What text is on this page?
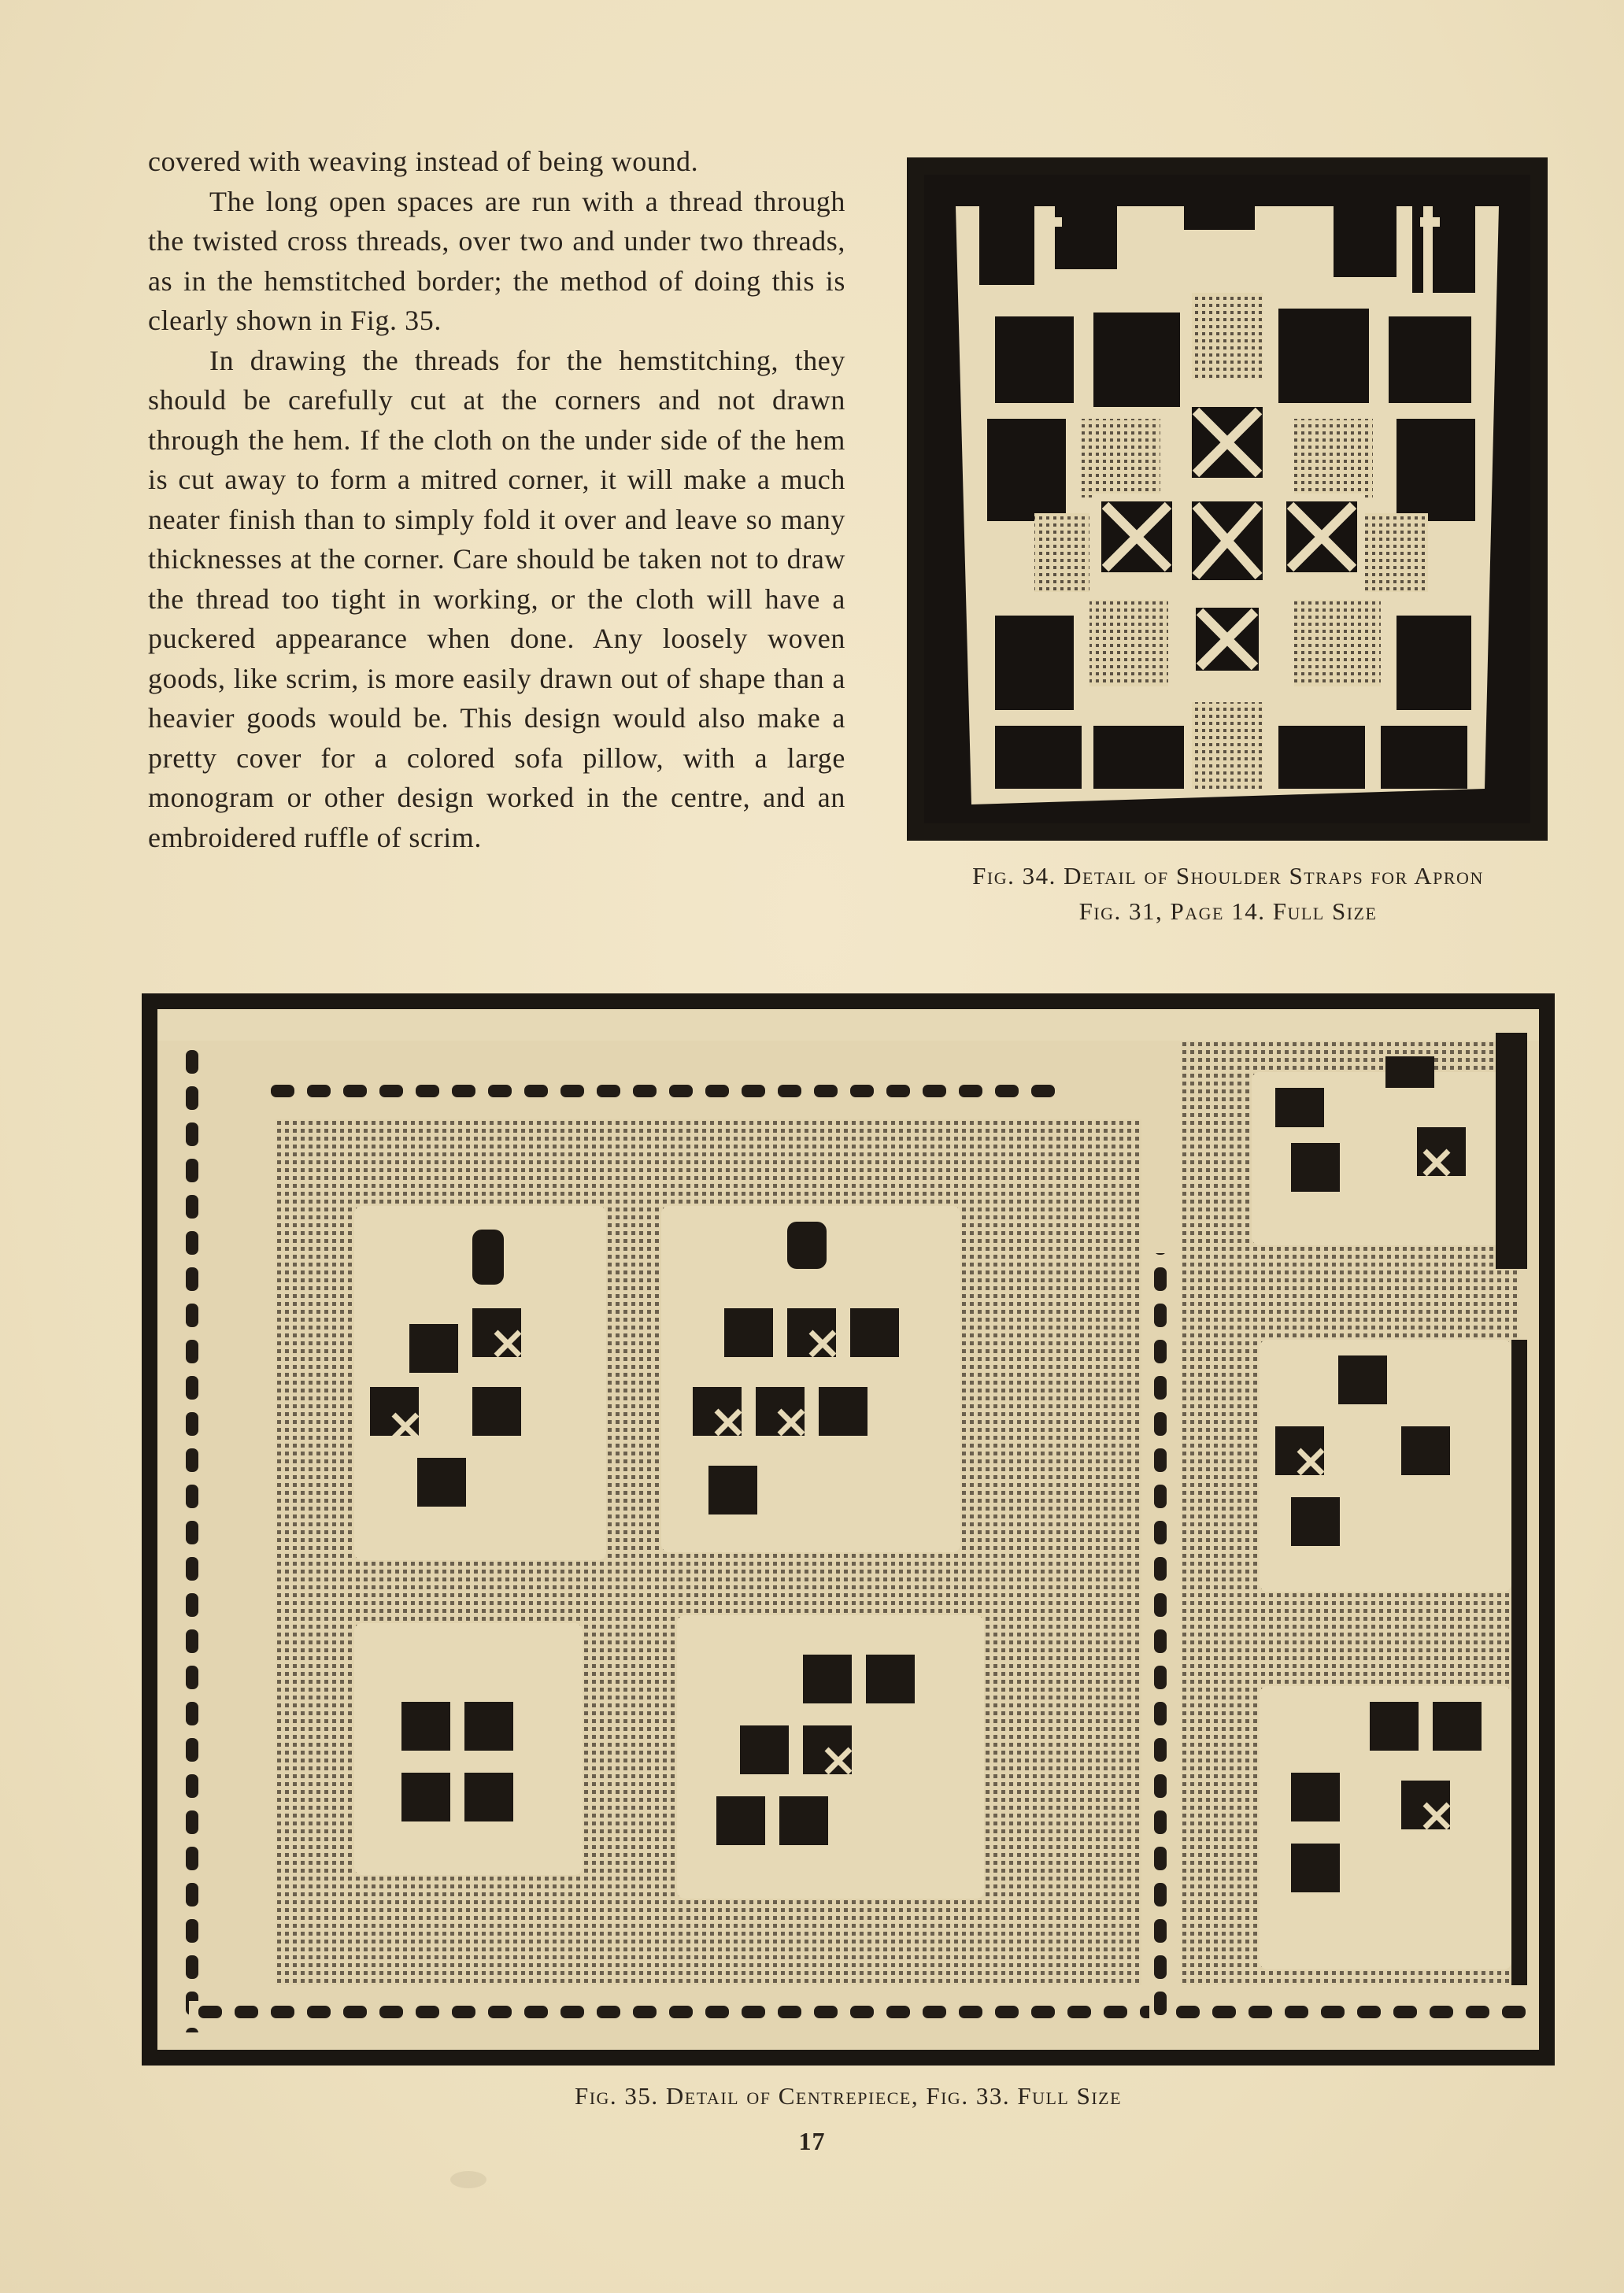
covered with weaving instead of being wound.

The long open spaces are run with a thread through the twisted cross threads, over two and under two threads, as in the hemstitched border; the method of doing this is clearly shown in Fig. 35.

In drawing the threads for the hemstitching, they should be carefully cut at the corners and not drawn through the hem. If the cloth on the under side of the hem is cut away to form a mitred corner, it will make a much neater finish than to simply fold it over and leave so many thicknesses at the corner. Care should be taken not to draw the thread too tight in working, or the cloth will have a puckered appearance when done. Any loosely woven goods, like scrim, is more easily drawn out of shape than a heavier goods would be. This design would also make a pretty cover for a colored sofa pillow, with a large monogram or other design worked in the centre, and an embroidered ruffle of scrim.

Fig. 34. Detail of Shoulder Straps for Apron
Fig. 31, Page 14. Full Size
Fig. 35. Detail of Centrepiece, Fig. 33. Full Size
17
